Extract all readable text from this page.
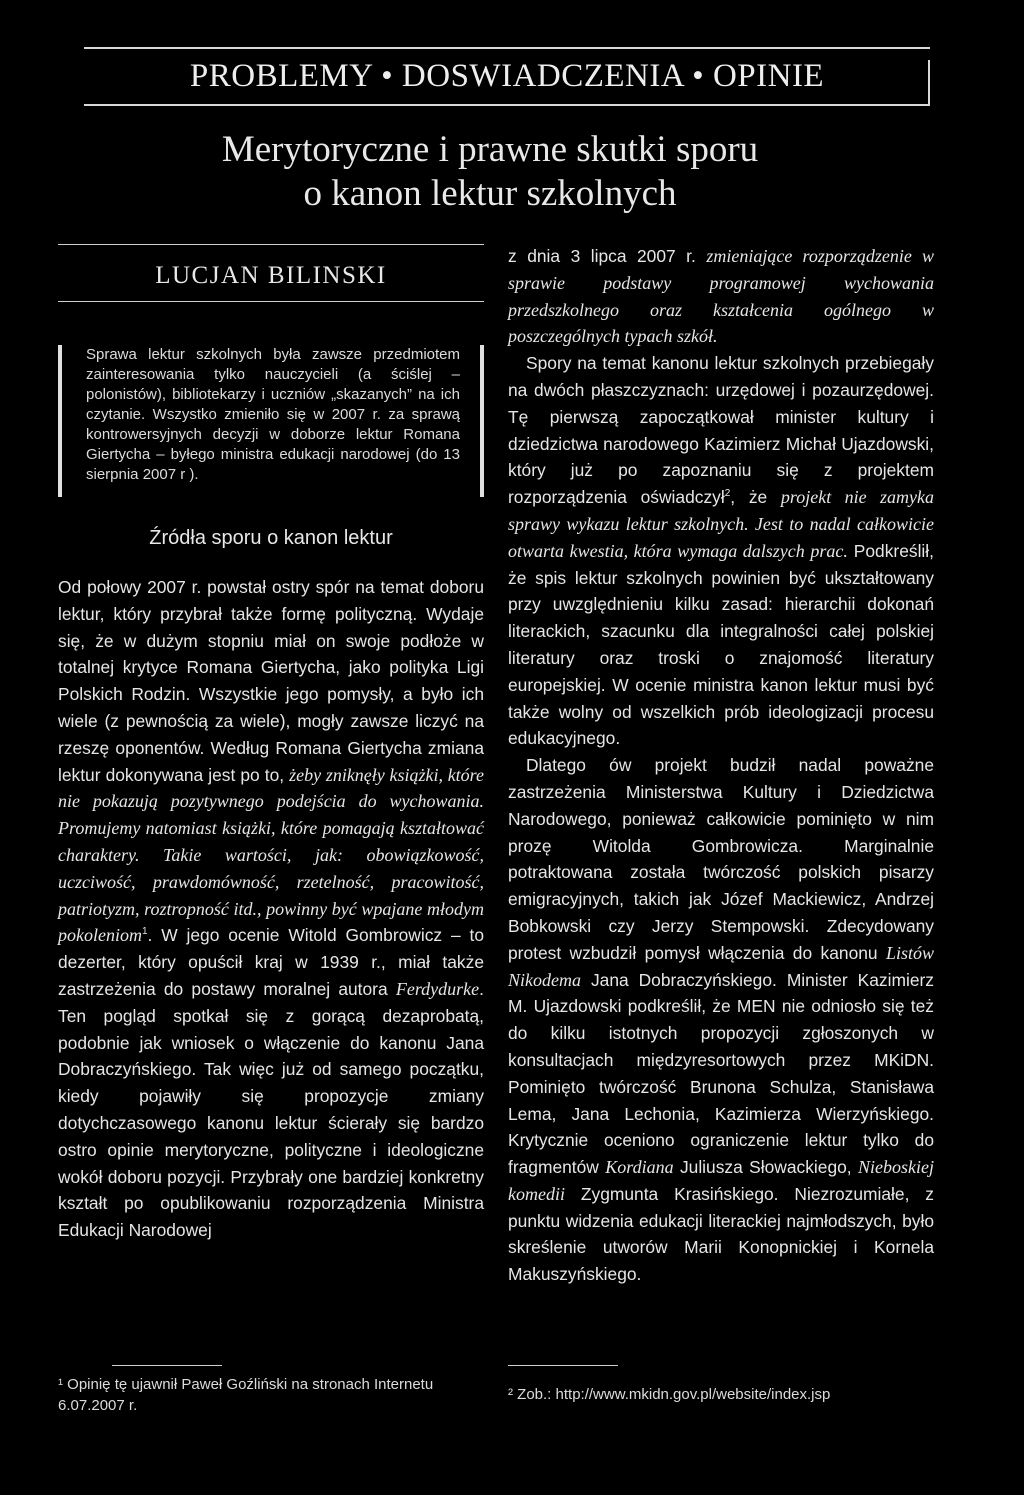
PROBLEMY • DOSWIADCZENIA • OPINIE
Merytoryczne i prawne skutki sporu
o kanon lektur szkolnych
LUCJAN BILINSKI
Sprawa lektur szkolnych była zawsze przedmiotem zainteresowania tylko nauczycieli (a ściślej – polonistów), bibliotekarzy i uczniów „skazanych” na ich czytanie. Wszystko zmieniło się w 2007 r. za sprawą kontrowersyjnych decyzji w doborze lektur Romana Giertycha – byłego ministra edukacji narodowej (do 13 sierpnia 2007 r ).
Źródła sporu o kanon lektur

Od połowy 2007 r. powstał ostry spór na temat doboru lektur, który przybrał także formę polityczną. Wydaje się, że w dużym stopniu miał on swoje podłoże w totalnej krytyce Romana Giertycha, jako polityka Ligi Polskich Rodzin. Wszystkie jego pomysły, a było ich wiele (z pewnością za wiele), mogły zawsze liczyć na rzeszę oponentów. Według Romana Giertycha zmiana lektur dokonywana jest po to, żeby zniknęły książki, które nie pokazują pozytywnego podejścia do wychowania. Promujemy natomiast książki, które pomagają kształtować charaktery. Takie wartości, jak: obowiązkowość, uczciwość, prawdomówność, rzetelność, pracowitość, patriotyzm, roztropność itd., powinny być wpajane młodym pokoleniom$^1$. W jego ocenie Witold Gombrowicz – to dezerter, który opuścił kraj w 1939 r., miał także zastrzeżenia do postawy moralnej autora Ferdydurke. Ten pogląd spotkał się z gorącą dezaprobatą, podobnie jak wniosek o włączenie do kanonu Jana Dobraczyńskiego. Tak więc już od samego początku, kiedy pojawiły się propozycje zmiany dotychczasowego kanonu lektur ścierały się bardzo ostro opinie merytoryczne, polityczne i ideologiczne wokół doboru pozycji. Przybrały one bardziej konkretny kształt po opublikowaniu rozporządzenia Ministra Edukacji Narodowej

¹ Opinię tę ujawnił Paweł Goźliński na stronach Internetu 6.07.2007 r.

z dnia 3 lipca 2007 r. zmieniające rozporządzenie w sprawie podstawy programowej wychowania przedszkolnego oraz kształcenia ogólnego w poszczególnych typach szkół.

Spory na temat kanonu lektur szkolnych przebiegały na dwóch płaszczyznach: urzędowej i pozaurzędowej. Tę pierwszą zapoczątkował minister kultury i dziedzictwa narodowego Kazimierz Michał Ujazdowski, który już po zapoznaniu się z projektem rozporządzenia oświadczył$^2$, że projekt nie zamyka sprawy wykazu lektur szkolnych. Jest to nadal całkowicie otwarta kwestia, która wymaga dalszych prac. Podkreślił, że spis lektur szkolnych powinien być ukształtowany przy uwzględnieniu kilku zasad: hierarchii dokonań literackich, szacunku dla integralności całej polskiej literatury oraz troski o znajomość literatury europejskiej. W ocenie ministra kanon lektur musi być także wolny od wszelkich prób ideologizacji procesu edukacyjnego.

Dlatego ów projekt budził nadal poważne zastrzeżenia Ministerstwa Kultury i Dziedzictwa Narodowego, ponieważ całkowicie pominięto w nim prozę Witolda Gombrowicza. Marginalnie potraktowana została twórczość polskich pisarzy emigracyjnych, takich jak Józef Mackiewicz, Andrzej Bobkowski czy Jerzy Stempowski. Zdecydowany protest wzbudził pomysł włączenia do kanonu Listów Nikodema Jana Dobraczyńskiego. Minister Kazimierz M. Ujazdowski podkreślił, że MEN nie odniosło się też do kilku istotnych propozycji zgłoszonych w konsultacjach międzyresortowych przez MKiDN. Pominięto twórczość Brunona Schulza, Stanisława Lema, Jana Lechonia, Kazimierza Wierzyńskiego. Krytycznie oceniono ograniczenie lektur tylko do fragmentów Kordiana Juliusza Słowackiego, Nieboskiej komedii Zygmunta Krasińskiego. Niezrozumiałe, z punktu widzenia edukacji literackiej najmłodszych, było skreślenie utworów Marii Konopnickiej i Kornela Makuszyńskiego.

² Zob.: http://www.mkidn.gov.pl/website/index.jsp
